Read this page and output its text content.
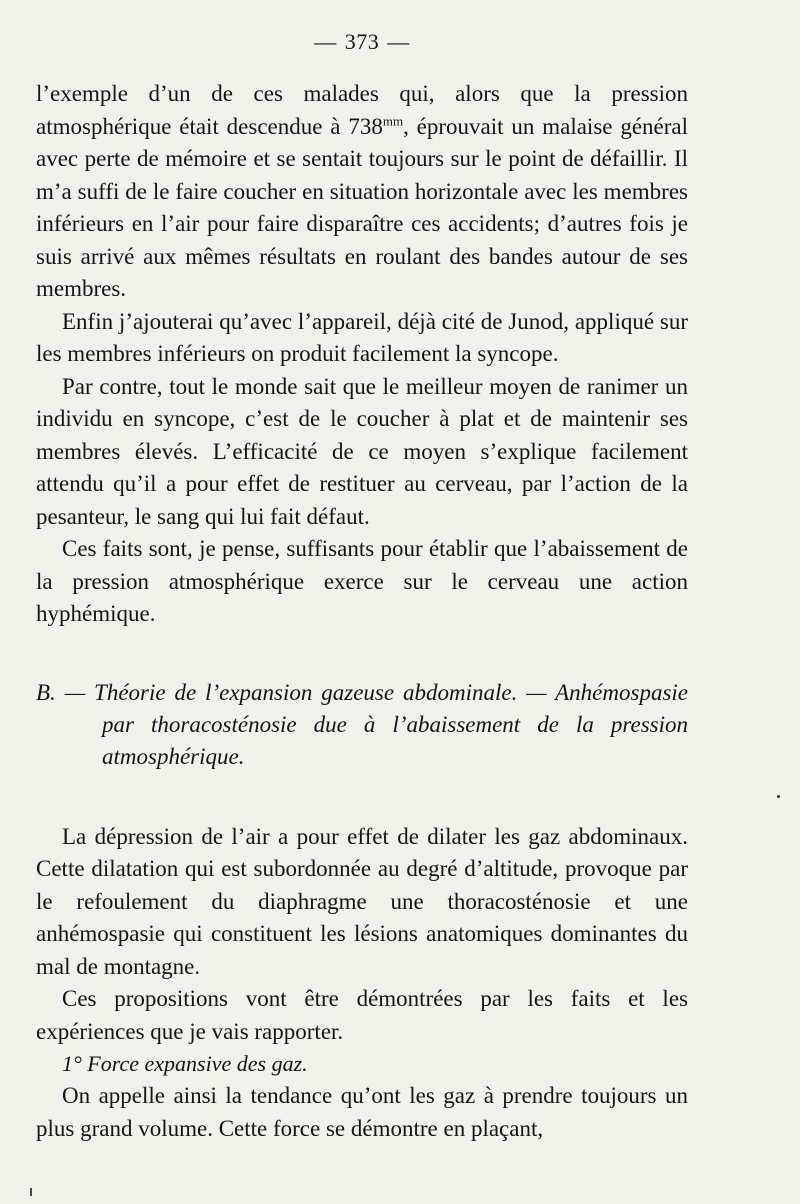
— 373 —

l’exemple d’un de ces malades qui, alors que la pression atmosphérique était descendue à $738^{mm}$, éprouvait un malaise général avec perte de mémoire et se sentait toujours sur le point de défaillir. Il m’a suffi de le faire coucher en situation horizontale avec les membres inférieurs en l’air pour faire disparaître ces accidents; d’autres fois je suis arrivé aux mêmes résultats en roulant des bandes autour de ses membres.

Enfin j’ajouterai qu’avec l’appareil, déjà cité de Junod, appliqué sur les membres inférieurs on produit facilement la syncope.

Par contre, tout le monde sait que le meilleur moyen de ranimer un individu en syncope, c’est de le coucher à plat et de maintenir ses membres élevés. L’efficacité de ce moyen s’explique facilement attendu qu’il a pour effet de restituer au cerveau, par l’action de la pesanteur, le sang qui lui fait défaut.

Ces faits sont, je pense, suffisants pour établir que l’abaissement de la pression atmosphérique exerce sur le cerveau une action hyphémique.

B. — Théorie de l’expansion gazeuse abdominale. — Anhémospasie par thoracosténosie due à l’abaissement de la pression atmosphérique.

La dépression de l’air a pour effet de dilater les gaz abdominaux. Cette dilatation qui est subordonnée au degré d’altitude, provoque par le refoulement du diaphragme une thoracosténosie et une anhémospasie qui constituent les lésions anatomiques dominantes du mal de montagne.

Ces propositions vont être démontrées par les faits et les expériences que je vais rapporter.

1° Force expansive des gaz.

On appelle ainsi la tendance qu’ont les gaz à prendre toujours un plus grand volume. Cette force se démontre en plaçant,
